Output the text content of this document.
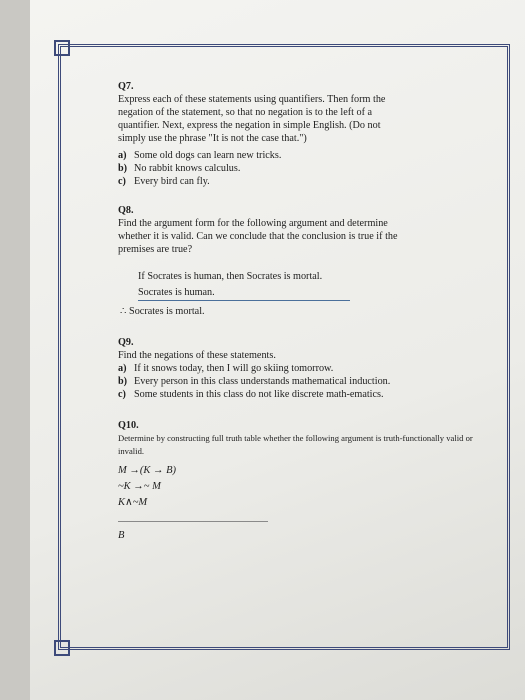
Q7.
Express each of these statements using quantifiers. Then form the negation of the statement, so that no negation is to the left of a quantifier. Next, express the negation in simple English. (Do not simply use the phrase "It is not the case that.")
a) Some old dogs can learn new tricks.
b) No rabbit knows calculus.
c) Every bird can fly.
Q8.
Find the argument form for the following argument and determine whether it is valid. Can we conclude that the conclusion is true if the premises are true?
If Socrates is human, then Socrates is mortal.
Socrates is human.
∴ Socrates is mortal.
Q9.
Find the negations of these statements.
a) If it snows today, then I will go skiing tomorrow.
b) Every person in this class understands mathematical induction.
c) Some students in this class do not like discrete math-ematics.
Q10.
Determine by constructing full truth table whether the following argument is truth-functionally valid or invalid.
M →(K → B)
~K →~ M
K∧~M
B
